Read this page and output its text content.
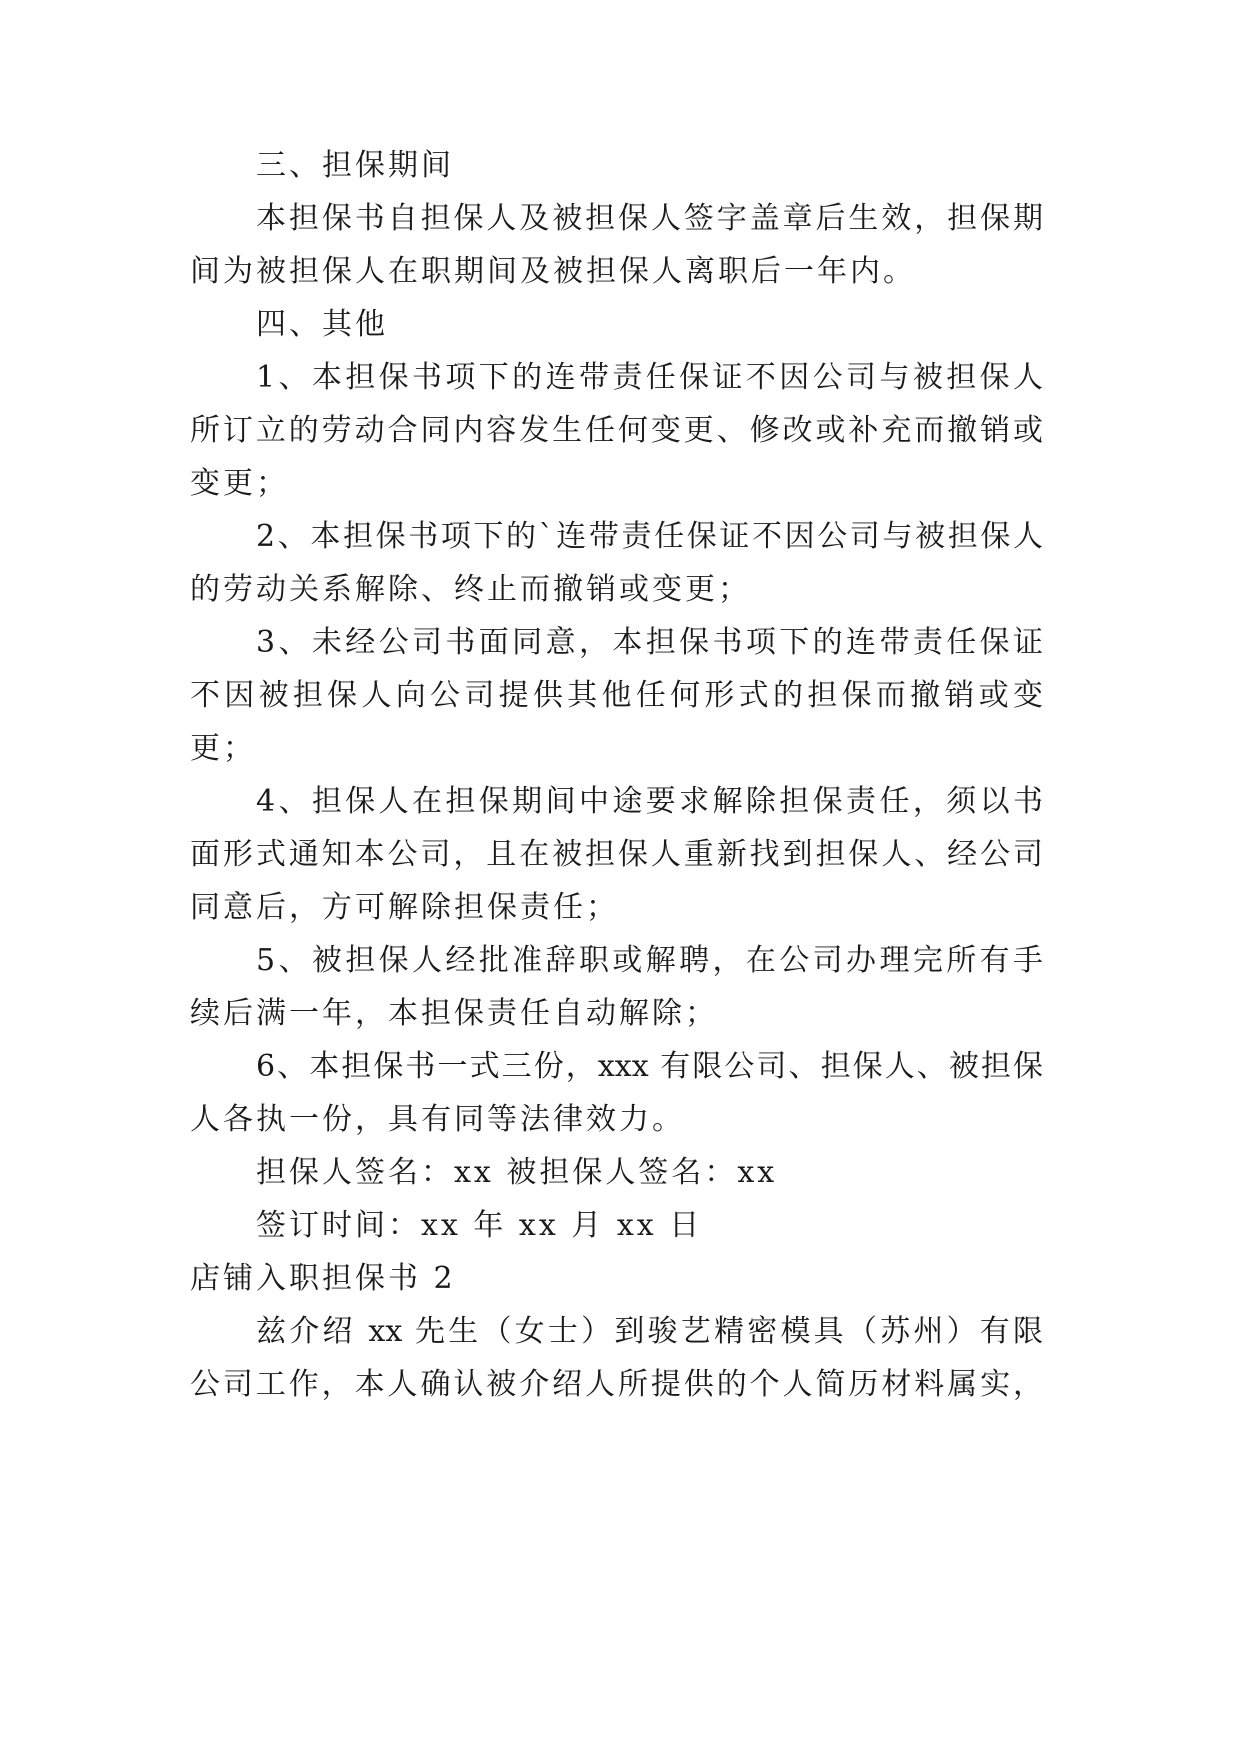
三、担保期间
本担保书自担保人及被担保人签字盖章后生效，担保期
间为被担保人在职期间及被担保人离职后一年内。
四、其他
1、本担保书项下的连带责任保证不因公司与被担保人
所订立的劳动合同内容发生任何变更、修改或补充而撤销或
变更；
2、本担保书项下的`连带责任保证不因公司与被担保人
的劳动关系解除、终止而撤销或变更；
3、未经公司书面同意，本担保书项下的连带责任保证
不因被担保人向公司提供其他任何形式的担保而撤销或变
更；
4、担保人在担保期间中途要求解除担保责任，须以书
面形式通知本公司，且在被担保人重新找到担保人、经公司
同意后，方可解除担保责任；
5、被担保人经批准辞职或解聘，在公司办理完所有手
续后满一年，本担保责任自动解除；
6、本担保书一式三份，xxx 有限公司、担保人、被担保
人各执一份，具有同等法律效力。
担保人签名：xx 被担保人签名：xx
签订时间：xx 年 xx 月 xx 日
店铺入职担保书 2
兹介绍 xx 先生（女士）到骏艺精密模具（苏州）有限
公司工作，本人确认被介绍人所提供的个人简历材料属实，
